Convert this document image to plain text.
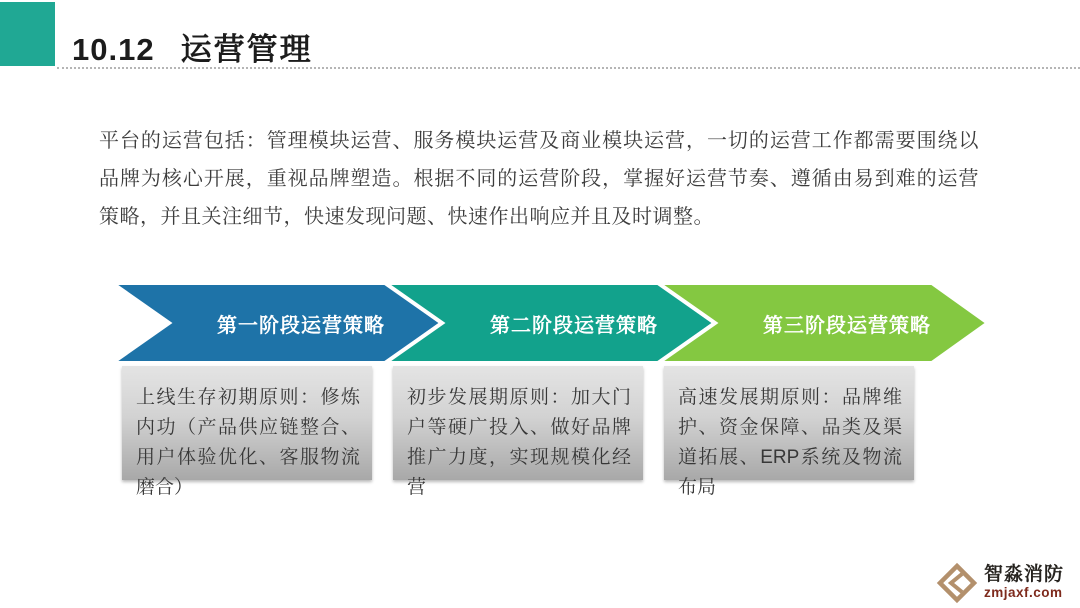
10.12 运营管理

平台的运营包括：管理模块运营、服务模块运营及商业模块运营，一切的运营工作都需要围绕以品牌为核心开展，重视品牌塑造。根据不同的运营阶段，掌握好运营节奏、遵循由易到难的运营策略，并且关注细节，快速发现问题、快速作出响应并且及时调整。

第一阶段运营策略	第二阶段运营策略	第三阶段运营策略
上线生存初期原则：修炼内功（产品供应链整合、用户体验优化、客服物流磨合）
初步发展期原则：加大门户等硬广投入、做好品牌推广力度，实现规模化经营
高速发展期原则：品牌维护、资金保障、品类及渠道拓展、ERP系统及物流布局
智淼消防
zmjaxf.com
